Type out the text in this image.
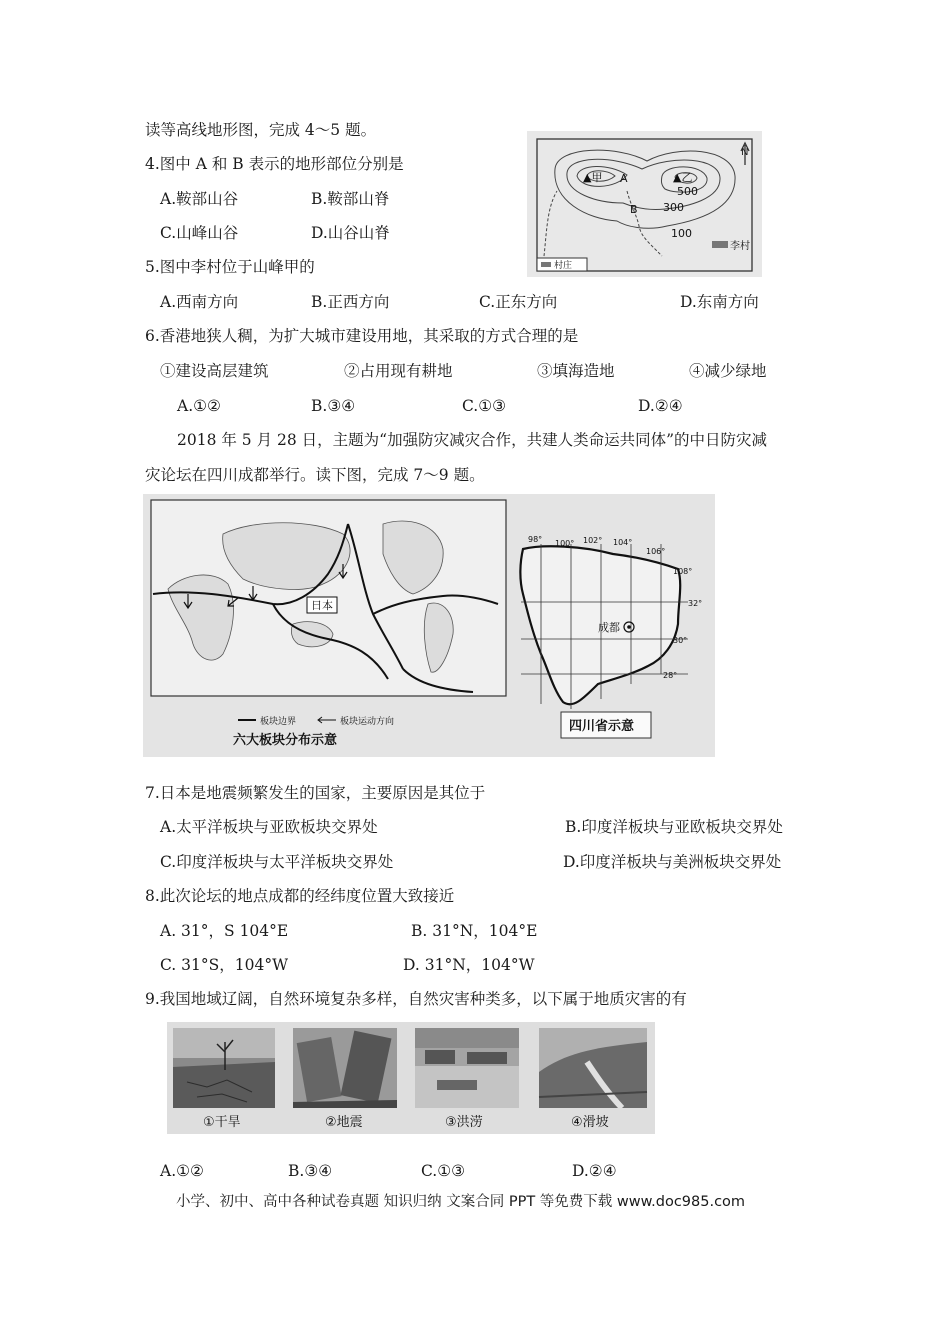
读等高线地形图，完成 4～5 题。
N
▲甲 A	▲乙
500
B 300
100
李村
村庄
4.图中 A 和 B 表示的地形部位分别是
A.鞍部山谷	B.鞍部山脊
C.山峰山谷	D.山谷山脊
5.图中李村位于山峰甲的
A.西南方向	B.正西方向	C.正东方向	D.东南方向
6.香港地狭人稠，为扩大城市建设用地，其采取的方式合理的是
①建设高层建筑	②占用现有耕地	③填海造地	④减少绿地
A.①②	B.③④	C.①③	D.②④
2018 年 5 月 28 日，主题为“加强防灾减灾合作，共建人类命运共同体”的中日防灾减
灾论坛在四川成都举行。读下图，完成 7～9 题。
日本
板块边界	板块运动方向
六大板块分布示意
98° 100° 102° 104°
106°
108°
32°
30°
28°
成都
四川省示意
7.日本是地震频繁发生的国家，主要原因是其位于
A.太平洋板块与亚欧板块交界处	B.印度洋板块与亚欧板块交界处
C.印度洋板块与太平洋板块交界处	D.印度洋板块与美洲板块交界处
8.此次论坛的地点成都的经纬度位置大致接近
A. 31°，S 104°E	B. 31°N，104°E
C. 31°S，104°W	D. 31°N，104°W
9.我国地域辽阔，自然环境复杂多样，自然灾害种类多，以下属于地质灾害的有
①干旱	②地震	③洪涝	④滑坡
A.①②	B.③④	C.①③	D.②④
小学、初中、高中各种试卷真题 知识归纳 文案合同 PPT 等免费下载 www.doc985.com
